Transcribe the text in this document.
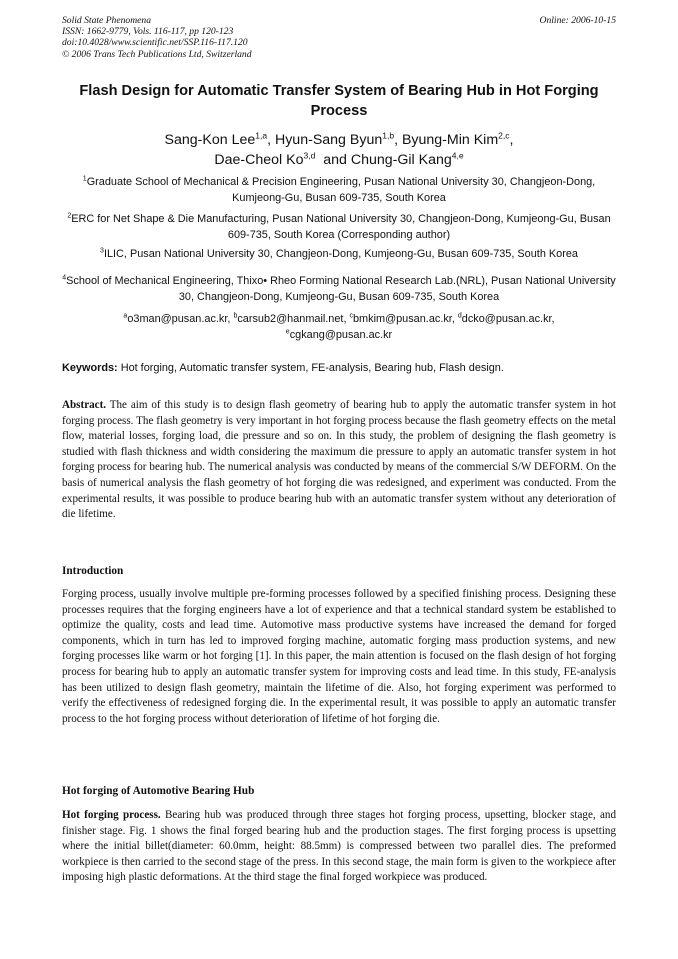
Solid State Phenomena
ISSN: 1662-9779, Vols. 116-117, pp 120-123
doi:10.4028/www.scientific.net/SSP.116-117.120
© 2006 Trans Tech Publications Ltd, Switzerland
Online: 2006-10-15
Flash Design for Automatic Transfer System of Bearing Hub in Hot Forging Process
Sang-Kon Lee$^{1,a}$, Hyun-Sang Byun$^{1,b}$, Byung-Min Kim$^{2,c}$,
Dae-Cheol Ko$^{3,d}$  and Chung-Gil Kang$^{4,e}$
$^1$Graduate School of Mechanical & Precision Engineering, Pusan National University 30, Changjeon-Dong, Kumjeong-Gu, Busan 609-735, South Korea
$^2$ERC for Net Shape & Die Manufacturing, Pusan National University 30, Changjeon-Dong, Kumjeong-Gu, Busan 609-735, South Korea (Corresponding author)
$^3$ILIC, Pusan National University 30, Changjeon-Dong, Kumjeong-Gu, Busan 609-735, South Korea
$^4$School of Mechanical Engineering, Thixo• Rheo Forming National Research Lab.(NRL), Pusan National University 30, Changjeon-Dong, Kumjeong-Gu, Busan 609-735, South Korea
$^a$o3man@pusan.ac.kr, $^b$carsub2@hanmail.net, $^c$bmkim@pusan.ac.kr, $^d$dcko@pusan.ac.kr,
$^e$cgkang@pusan.ac.kr
Keywords: Hot forging, Automatic transfer system, FE-analysis, Bearing hub, Flash design.
Abstract. The aim of this study is to design flash geometry of bearing hub to apply the automatic transfer system in hot forging process. The flash geometry is very important in hot forging process because the flash geometry effects on the metal flow, material losses, forging load, die pressure and so on. In this study, the problem of designing the flash geometry is studied with flash thickness and width considering the maximum die pressure to apply an automatic transfer system in hot forging process for bearing hub. The numerical analysis was conducted by means of the commercial S/W DEFORM. On the basis of numerical analysis the flash geometry of hot forging die was redesigned, and experiment was conducted. From the experimental results, it was possible to produce bearing hub with an automatic transfer system without any deterioration of die lifetime.
Introduction
Forging process, usually involve multiple pre-forming processes followed by a specified finishing process. Designing these processes requires that the forging engineers have a lot of experience and that a technical standard system be established to optimize the quality, costs and lead time. Automotive mass productive systems have increased the demand for forged components, which in turn has led to improved forging machine, automatic forging mass production systems, and new forging processes like warm or hot forging [1]. In this paper, the main attention is focused on the flash design of hot forging process for bearing hub to apply an automatic transfer system for improving costs and lead time. In this study, FE-analysis has been utilized to design flash geometry, maintain the lifetime of die. Also, hot forging experiment was performed to verify the effectiveness of redesigned forging die. In the experimental result, it was possible to apply an automatic transfer process to the hot forging process without deterioration of lifetime of hot forging die.
Hot forging of Automotive Bearing Hub
Hot forging process. Bearing hub was produced through three stages hot forging process, upsetting, blocker stage, and finisher stage. Fig. 1 shows the final forged bearing hub and the production stages. The first forging process is upsetting where the initial billet(diameter: 60.0mm, height: 88.5mm) is compressed between two parallel dies. The preformed workpiece is then carried to the second stage of the press. In this second stage, the main form is given to the workpiece after imposing high plastic deformations. At the third stage the final forged workpiece was produced.
